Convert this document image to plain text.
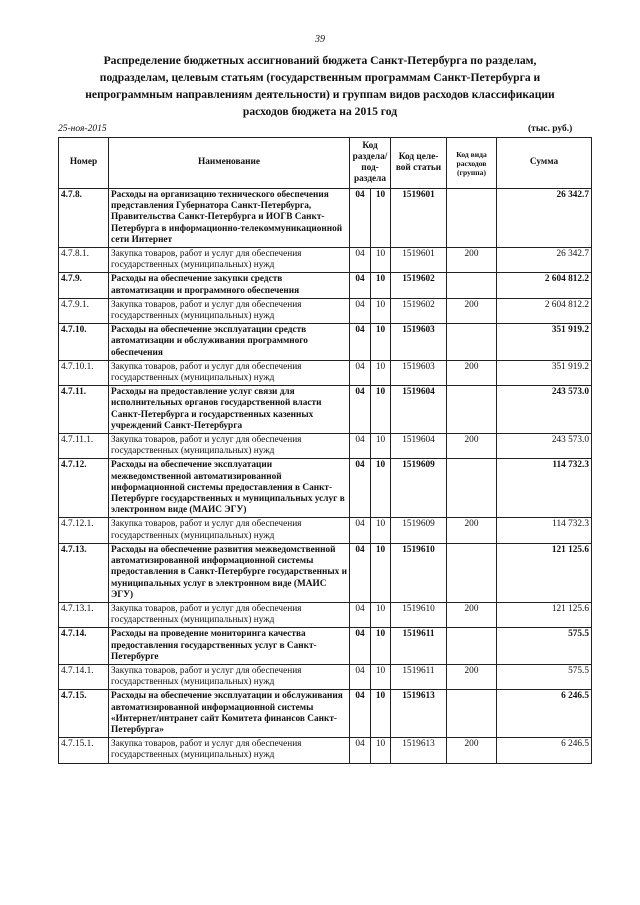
39
Распределение бюджетных ассигнований бюджета Санкт-Петербурга по разделам,
подразделам, целевым статьям (государственным программам Санкт-Петербурга и
непрограммным направлениям деятельности) и группам видов расходов классификации
расходов бюджета на 2015 год
25-ноя-2015	(тыс. руб.)
Номер	Наименование	Код раздела/ под- раздела		Код целе- вой статьи	Код вида расходов (группа)	Сумма
4.7.8.	Расходы на организацию технического обеспечения представления Губернатора Санкт-Петербурга, Правительства Санкт-Петербурга и ИОГВ Санкт-Петербурга в информационно-телекоммуникационной сети Интернет	04	10	1519601		26 342.7
4.7.8.1.	Закупка товаров, работ и услуг для обеспечения государственных (муниципальных) нужд	04	10	1519601	200	26 342.7
4.7.9.	Расходы на обеспечение закупки средств автоматизации и программного обеспечения	04	10	1519602		2 604 812.2
4.7.9.1.	Закупка товаров, работ и услуг для обеспечения государственных (муниципальных) нужд	04	10	1519602	200	2 604 812.2
4.7.10.	Расходы на обеспечение эксплуатации средств автоматизации и обслуживания программного обеспечения	04	10	1519603		351 919.2
4.7.10.1.	Закупка товаров, работ и услуг для обеспечения государственных (муниципальных) нужд	04	10	1519603	200	351 919.2
4.7.11.	Расходы на предоставление услуг связи для исполнительных органов государственной власти Санкт-Петербурга и государственных казенных учреждений Санкт-Петербурга	04	10	1519604		243 573.0
4.7.11.1.	Закупка товаров, работ и услуг для обеспечения государственных (муниципальных) нужд	04	10	1519604	200	243 573.0
4.7.12.	Расходы на обеспечение эксплуатации межведомственной автоматизированной информационной системы предоставления в Санкт-Петербурге государственных и муниципальных услуг в электронном виде (МАИС ЭГУ)	04	10	1519609		114 732.3
4.7.12.1.	Закупка товаров, работ и услуг для обеспечения государственных (муниципальных) нужд	04	10	1519609	200	114 732.3
4.7.13.	Расходы на обеспечение развития межведомственной автоматизированной информационной системы предоставления в Санкт-Петербурге государственных и муниципальных услуг в электронном виде (МАИС ЭГУ)	04	10	1519610		121 125.6
4.7.13.1.	Закупка товаров, работ и услуг для обеспечения государственных (муниципальных) нужд	04	10	1519610	200	121 125.6
4.7.14.	Расходы на проведение мониторинга качества предоставления государственных услуг в Санкт-Петербурге	04	10	1519611		575.5
4.7.14.1.	Закупка товаров, работ и услуг для обеспечения государственных (муниципальных) нужд	04	10	1519611	200	575.5
4.7.15.	Расходы на обеспечение эксплуатации и обслуживания автоматизированной информационной системы «Интернет/интранет сайт Комитета финансов Санкт-Петербурга»	04	10	1519613		6 246.5
4.7.15.1.	Закупка товаров, работ и услуг для обеспечения государственных (муниципальных) нужд	04	10	1519613	200	6 246.5
